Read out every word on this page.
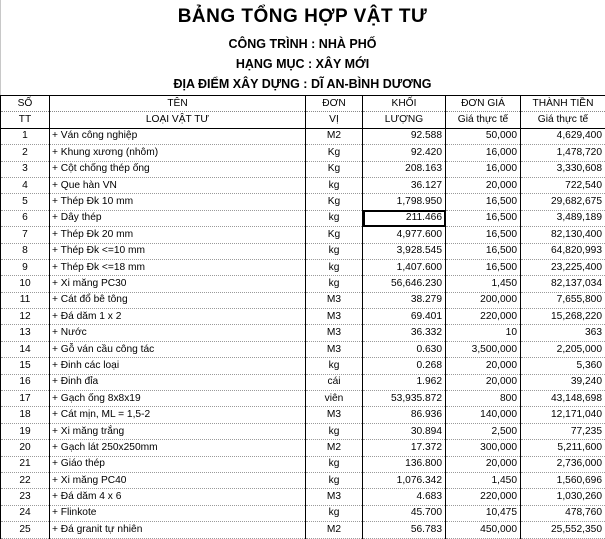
BẢNG TỔNG HỢP VẬT TƯ
CÔNG TRÌNH : NHÀ PHỐ
HẠNG MỤC : XÂY MỚI
ĐỊA ĐIỂM XÂY DỰNG : DĨ AN-BÌNH DƯƠNG
SỐ	TÊN	ĐƠN	KHỐI	ĐƠN GIÁ	THÀNH TIỀN
TT	LOẠI VẬT TƯ	VỊ	LƯỢNG	Giá thực tế	Giá thực tế
1	+ Ván công nghiệp	M2	92.588	50,000	4,629,400
2	+ Khung xương (nhôm)	Kg	92.420	16,000	1,478,720
3	+ Cột chống thép ống	Kg	208.163	16,000	3,330,608
4	+ Que hàn VN	kg	36.127	20,000	722,540
5	+ Thép Đk 10 mm	Kg	1,798.950	16,500	29,682,675
6	+ Dây thép	kg	211.466	16,500	3,489,189
7	+ Thép Đk 20 mm	Kg	4,977.600	16,500	82,130,400
8	+ Thép Đk <=10 mm	kg	3,928.545	16,500	64,820,993
9	+ Thép Đk <=18 mm	kg	1,407.600	16,500	23,225,400
10	+ Xi măng PC30	kg	56,646.230	1,450	82,137,034
11	+ Cát đổ bê tông	M3	38.279	200,000	7,655,800
12	+ Đá dăm 1 x 2	M3	69.401	220,000	15,268,220
13	+ Nước	M3	36.332	10	363
14	+ Gỗ ván cầu công tác	M3	0.630	3,500,000	2,205,000
15	+ Đinh các loại	kg	0.268	20,000	5,360
16	+ Đinh đỉa	cái	1.962	20,000	39,240
17	+ Gạch ống 8x8x19	viên	53,935.872	800	43,148,698
18	+ Cát mịn, ML = 1,5-2	M3	86.936	140,000	12,171,040
19	+ Xi măng trắng	kg	30.894	2,500	77,235
20	+ Gạch lát 250x250mm	M2	17.372	300,000	5,211,600
21	+ Giáo thép	kg	136.800	20,000	2,736,000
22	+ Xi măng PC40	kg	1,076.342	1,450	1,560,696
23	+ Đá dăm 4 x 6	M3	4.683	220,000	1,030,260
24	+ Flinkote	kg	45.700	10,475	478,760
25	+ Đá granit tự nhiên	M2	56.783	450,000	25,552,350
